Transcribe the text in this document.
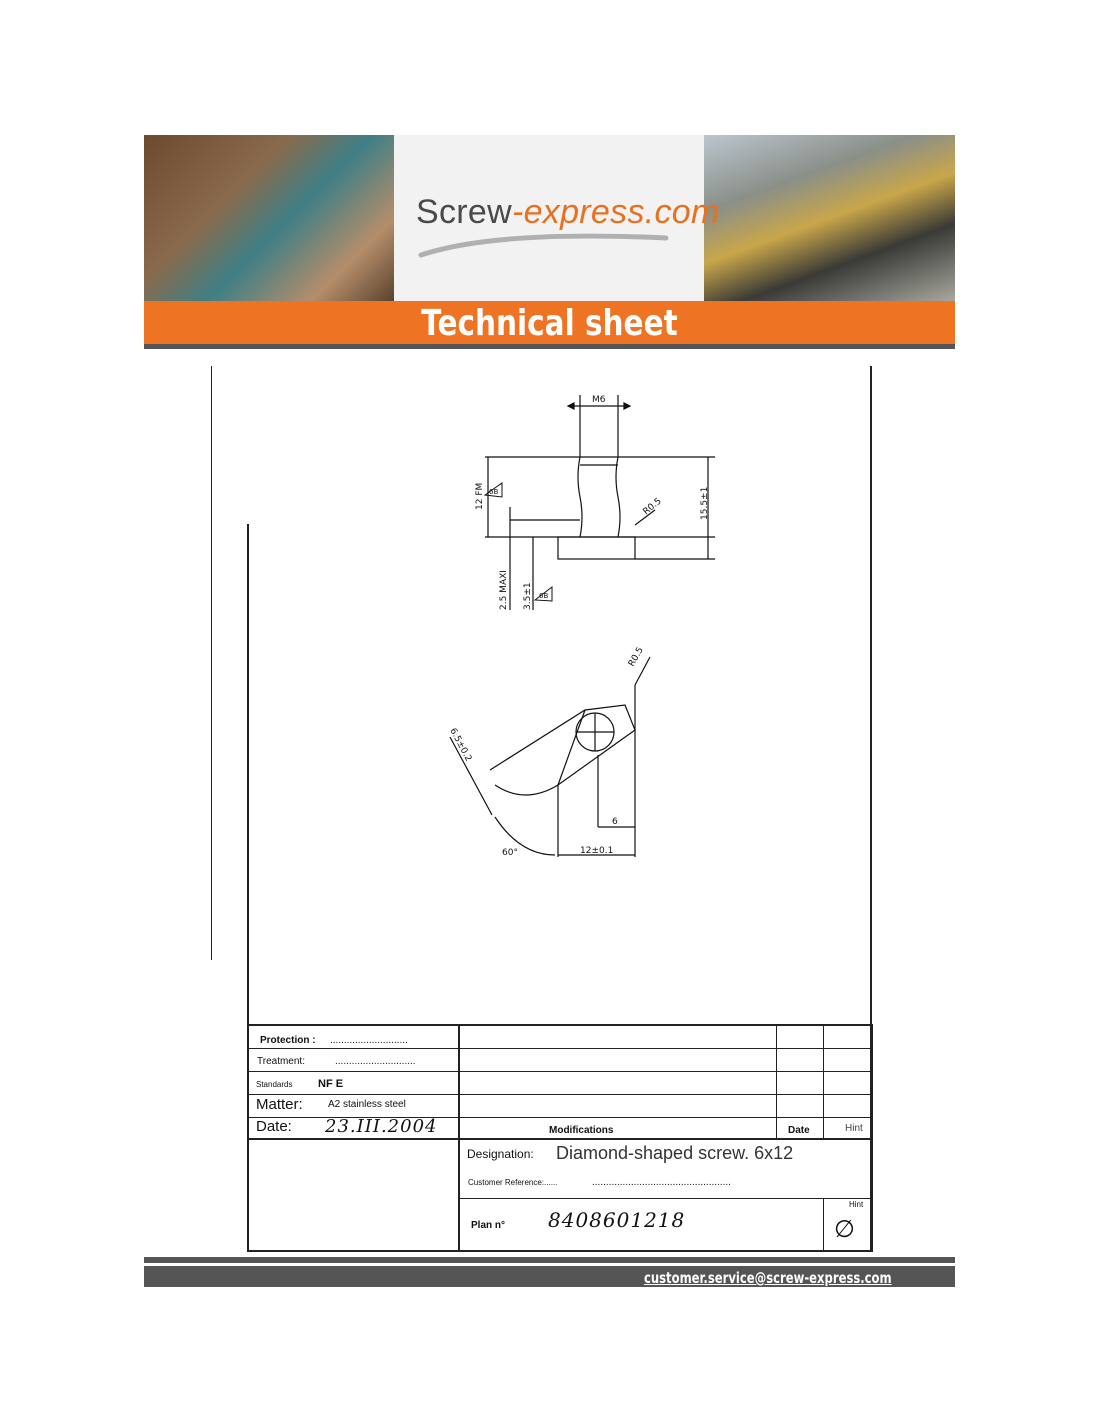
Screw-express.com
Technical sheet
M6
12 FM	15.5±1
R0.5
2.5 MAXI 3.5±1
6B
6B
R0.5
6.5±0.2
6
12±0.1
60°
Protection : ............................
Treatment:	.............................
Standards NF E
Matter:	A2 stainless steel
Date: 23.III.2004	Modifications	Date	Hint
Designation: Diamond-shaped screw. 6x12
Customer Reference:......	..................................................
Plan n° 8408601218
Hint
∅
customer.service@screw-express.com
